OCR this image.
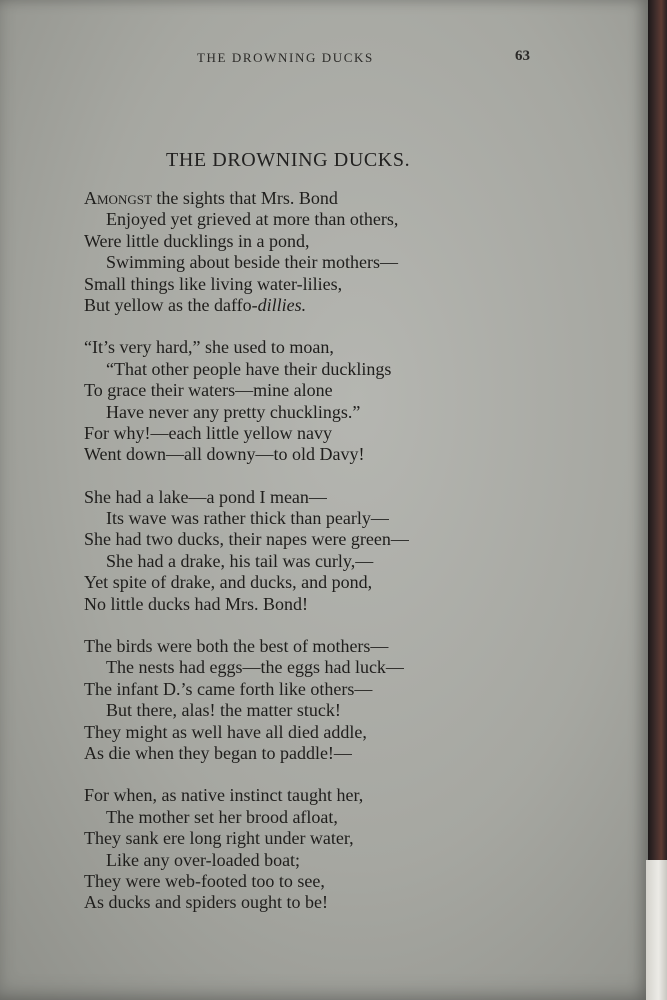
THE DROWNING DUCKS	63
THE DROWNING DUCKS.
Amongst the sights that Mrs. Bond
Enjoyed yet grieved at more than others,
Were little ducklings in a pond,
Swimming about beside their mothers—
Small things like living water-lilies,
But yellow as the daffo-dillies.
“It’s very hard,” she used to moan,
“That other people have their ducklings
To grace their waters—mine alone
Have never any pretty chucklings.”
For why!—each little yellow navy
Went down—all downy—to old Davy!
She had a lake—a pond I mean—
Its wave was rather thick than pearly—
She had two ducks, their napes were green—
She had a drake, his tail was curly,—
Yet spite of drake, and ducks, and pond,
No little ducks had Mrs. Bond!
The birds were both the best of mothers—
The nests had eggs—the eggs had luck—
The infant D.’s came forth like others—
But there, alas! the matter stuck!
They might as well have all died addle,
As die when they began to paddle!—
For when, as native instinct taught her,
The mother set her brood afloat,
They sank ere long right under water,
Like any over-loaded boat;
They were web-footed too to see,
As ducks and spiders ought to be!
